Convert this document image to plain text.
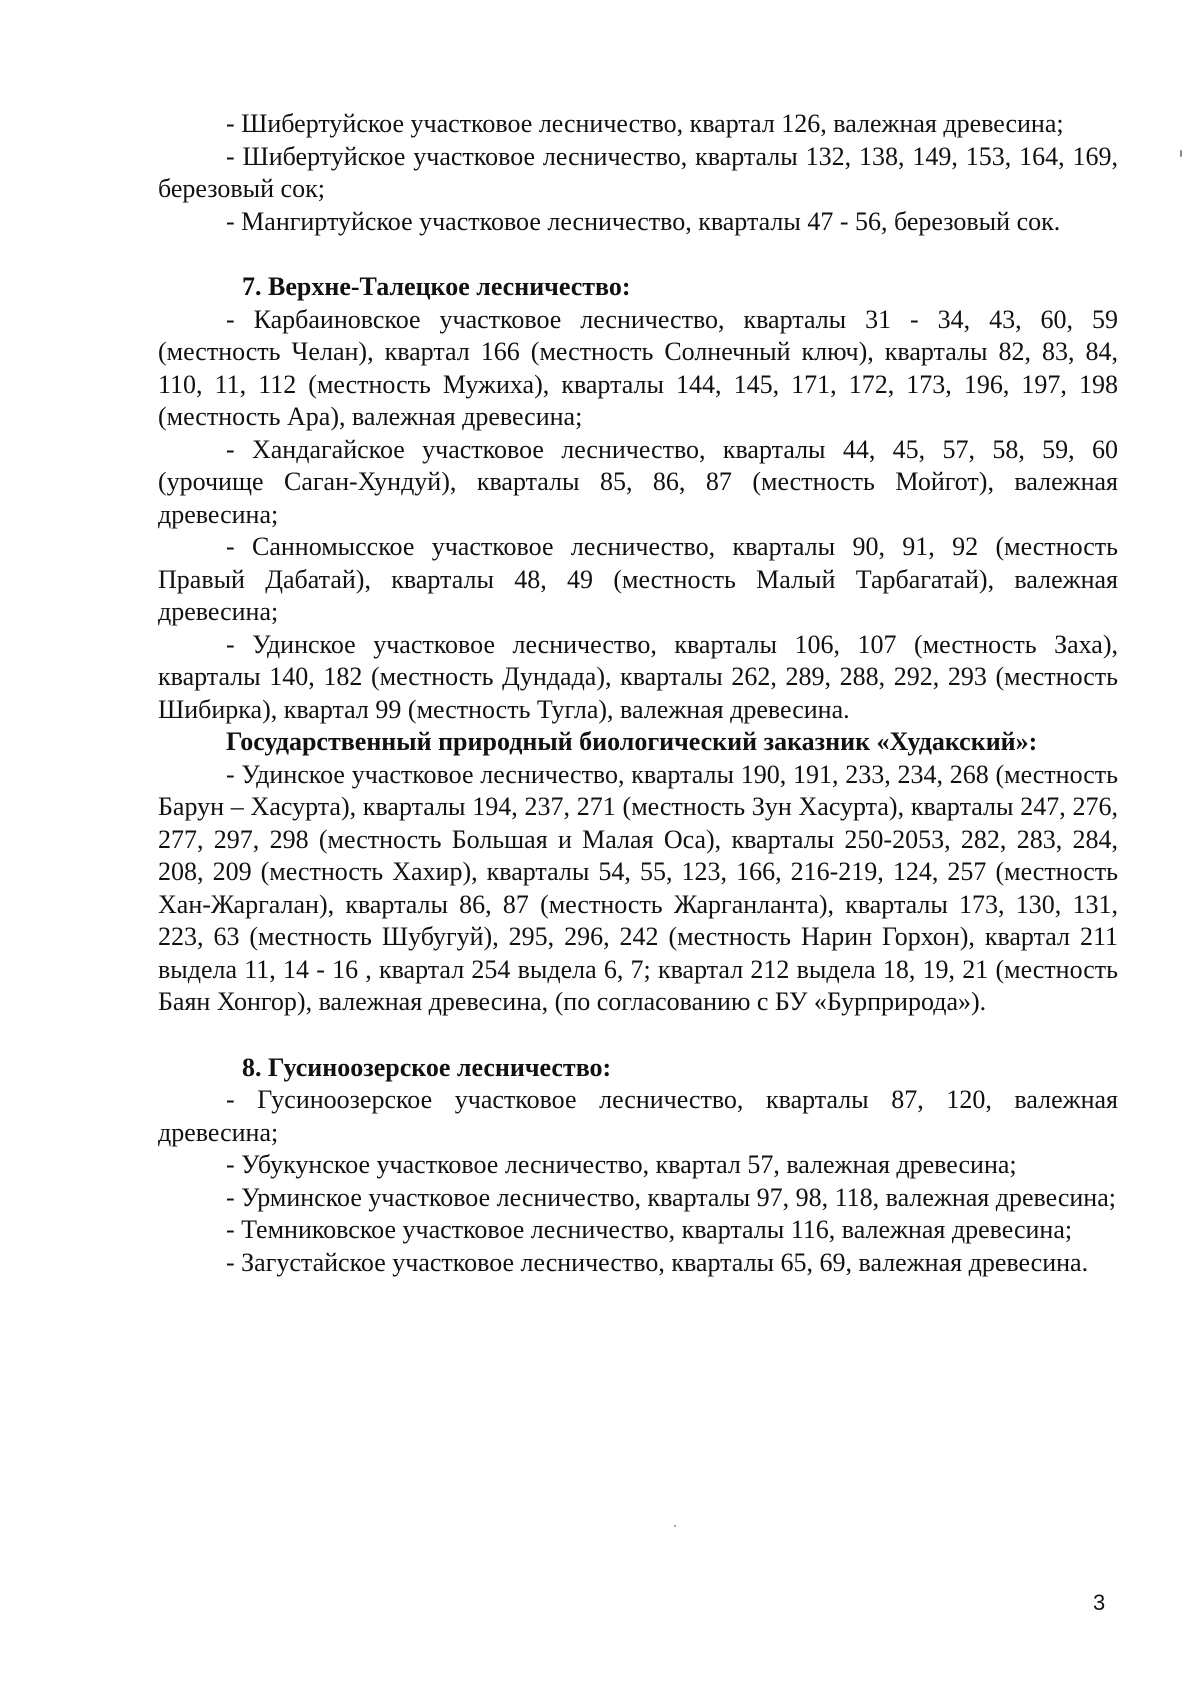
- Шибертуйское участковое лесничество, квартал 126, валежная древесина;

- Шибертуйское участковое лесничество, кварталы 132, 138, 149, 153, 164, 169, березовый сок;

- Мангиртуйское участковое лесничество, кварталы 47 - 56, березовый сок.

7. Верхне-Талецкое лесничество:

- Карбаиновское участковое лесничество, кварталы 31 - 34, 43, 60, 59 (местность Челан), квартал 166 (местность Солнечный ключ), кварталы 82, 83, 84, 110, 11, 112 (местность Мужиха), кварталы 144, 145, 171, 172, 173, 196, 197, 198 (местность Ара), валежная древесина;

- Хандагайское участковое лесничество, кварталы 44, 45, 57, 58, 59, 60 (урочище Саган-Хундуй), кварталы 85, 86, 87 (местность Мойгот), валежная древесина;

- Санномысское участковое лесничество, кварталы 90, 91, 92 (местность Правый Дабатай), кварталы 48, 49 (местность Малый Тарбагатай), валежная древесина;

- Удинское участковое лесничество, кварталы 106, 107 (местность Заха), кварталы 140, 182 (местность Дундада), кварталы 262, 289, 288, 292, 293 (местность Шибирка), квартал 99 (местность Тугла), валежная древесина.

Государственный природный биологический заказник «Худакский»:

- Удинское участковое лесничество, кварталы 190, 191, 233, 234, 268 (местность Барун – Хасурта), кварталы 194, 237, 271 (местность Зун Хасурта), кварталы 247, 276, 277, 297, 298 (местность Большая и Малая Оса), кварталы 250-2053, 282, 283, 284, 208, 209 (местность Хахир), кварталы 54, 55, 123, 166, 216-219, 124, 257 (местность Хан-Жаргалан), кварталы 86, 87 (местность Жарганланта), кварталы 173, 130, 131, 223, 63 (местность Шубугуй), 295, 296, 242 (местность Нарин Горхон), квартал 211 выдела 11, 14 - 16 , квартал 254 выдела 6, 7; квартал 212 выдела 18, 19, 21 (местность Баян Хонгор), валежная древесина, (по согласованию с БУ «Бурприрода»).

8. Гусиноозерское лесничество:

- Гусиноозерское участковое лесничество, кварталы 87, 120, валежная древесина;

- Убукунское участковое лесничество, квартал 57, валежная древесина;

- Урминское участковое лесничество, кварталы 97, 98, 118, валежная древесина;

- Темниковское участковое лесничество, кварталы 116, валежная древесина;

- Загустайское участковое лесничество, кварталы 65, 69, валежная древесина.

3
